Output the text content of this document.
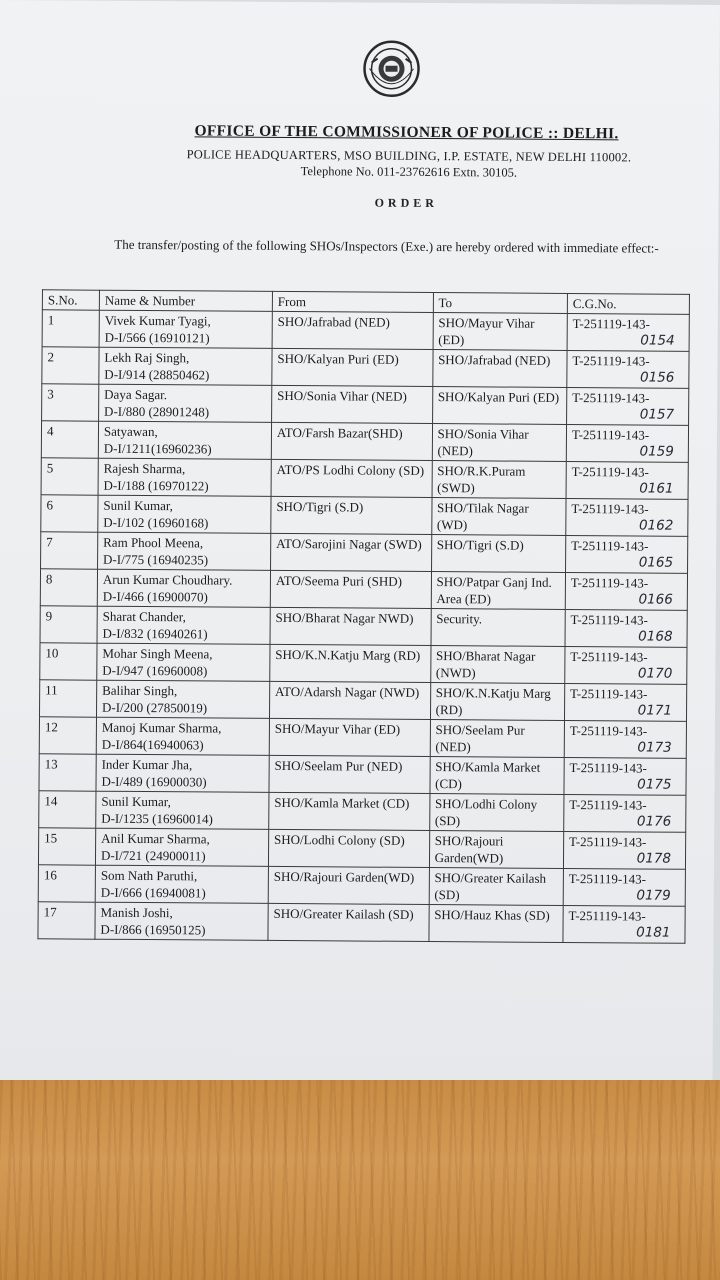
OFFICE OF THE COMMISSIONER OF POLICE :: DELHI.
POLICE HEADQUARTERS, MSO BUILDING, I.P. ESTATE, NEW DELHI 110002.
Telephone No. 011-23762616 Extn. 30105.
ORDER
The transfer/posting of the following SHOs/Inspectors (Exe.) are hereby ordered with immediate effect:-
S.No.	Name & Number	From	To	C.G.No.
1	Vivek Kumar Tyagi,
D-I/566 (16910121)	SHO/Jafrabad (NED)	SHO/Mayur Vihar (ED)	T-251119-143-
0154

2	Lekh Raj Singh,
D-I/914 (28850462)	SHO/Kalyan Puri (ED)	SHO/Jafrabad (NED)	T-251119-143-
0156

3	Daya Sagar.
D-I/880 (28901248)	SHO/Sonia Vihar (NED)	SHO/Kalyan Puri (ED)	T-251119-143-
0157

4	Satyawan,
D-I/1211(16960236)	ATO/Farsh Bazar(SHD)	SHO/Sonia Vihar (NED)	T-251119-143-
0159

5	Rajesh Sharma,
D-I/188 (16970122)	ATO/PS Lodhi Colony (SD)	SHO/R.K.Puram (SWD)	T-251119-143-
0161

6	Sunil Kumar,
D-I/102 (16960168)	SHO/Tigri (S.D)	SHO/Tilak Nagar (WD)	T-251119-143-
0162

7	Ram Phool Meena,
D-I/775 (16940235)	ATO/Sarojini Nagar (SWD)	SHO/Tigri (S.D)	T-251119-143-
0165

8	Arun Kumar Choudhary.
D-I/466 (16900070)	ATO/Seema Puri (SHD)	SHO/Patpar Ganj Ind. Area (ED)	T-251119-143-
0166

9	Sharat Chander,
D-I/832 (16940261)	SHO/Bharat Nagar NWD)	Security.	T-251119-143-
0168

10	Mohar Singh Meena,
D-I/947 (16960008)	SHO/K.N.Katju Marg (RD)	SHO/Bharat Nagar (NWD)	T-251119-143-
0170

11	Balihar Singh,
D-I/200 (27850019)	ATO/Adarsh Nagar (NWD)	SHO/K.N.Katju Marg (RD)	T-251119-143-
0171

12	Manoj Kumar Sharma,
D-I/864(16940063)	SHO/Mayur Vihar (ED)	SHO/Seelam Pur (NED)	T-251119-143-
0173

13	Inder Kumar Jha,
D-I/489 (16900030)	SHO/Seelam Pur (NED)	SHO/Kamla Market (CD)	T-251119-143-
0175

14	Sunil Kumar,
D-I/1235 (16960014)	SHO/Kamla Market (CD)	SHO/Lodhi Colony (SD)	T-251119-143-
0176

15	Anil Kumar Sharma,
D-I/721 (24900011)	SHO/Lodhi Colony (SD)	SHO/Rajouri Garden(WD)	T-251119-143-
0178

16	Som Nath Paruthi,
D-I/666 (16940081)	SHO/Rajouri Garden(WD)	SHO/Greater Kailash (SD)	T-251119-143-
0179

17	Manish Joshi,
D-I/866 (16950125)	SHO/Greater Kailash (SD)	SHO/Hauz Khas (SD)	T-251119-143-
0181
